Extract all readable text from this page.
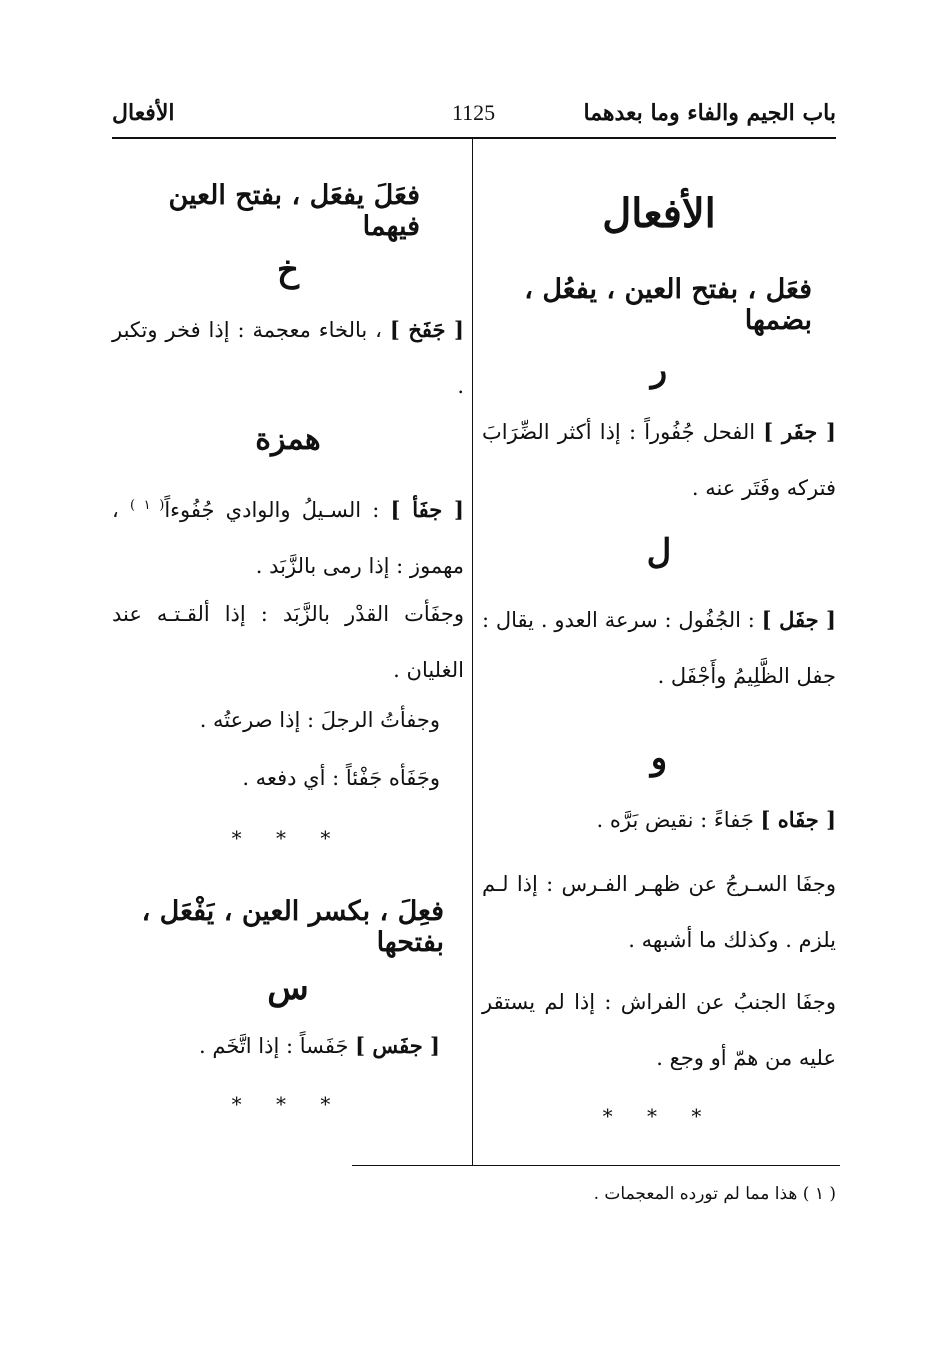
باب الجيم والفاء وما بعدهما
1125
الأفعال
الأفعال
فعَل ، بفتح العين ، يفعُل ، بضمها
ر
[ جفَر ] الفحل جُفُوراً : إذا أكثر الضِّرَابَ فتركه وفَتَر عنه .
ل
[ جفَل ] : الجُفُول : سرعة العدو . يقال : جفل الظَّلِيمُ وأَجْفَل .
و
[ جفَاه ] جَفاءً : نقيض بَرَّه .
وجفَا السـرجُ عن ظهـر الفـرس : إذا لـم يلزم . وكذلك ما أشبهه .
وجفَا الجنبُ عن الفراش : إذا لم يستقر عليه من همّ أو وجع .
* * *
فعَلَ يفعَل ، بفتح العين فيهما
خ
[ جَفَخ ] ، بالخاء معجمة : إذا فخر وتكبر .
همزة
[ جفَأ ] : السـيلُ والوادي جُفُوءاً$^{( ١ )}$ ، مهموز : إذا رمى بالزَّبَد .
وجفَأت القدْر بالزَّبَد : إذا ألقـتـه عند الغليان .
وجفأتُ الرجلَ : إذا صرعتُه .
وجَفَأه جَفْئاً : أي دفعه .
* * *
فعِلَ ، بكسر العين ، يَفْعَل ، بفتحها
س
[ جفَس ] جَفَساً : إذا اتَّخَم .
* * *
( ١ ) هذا مما لم تورده المعجمات .
